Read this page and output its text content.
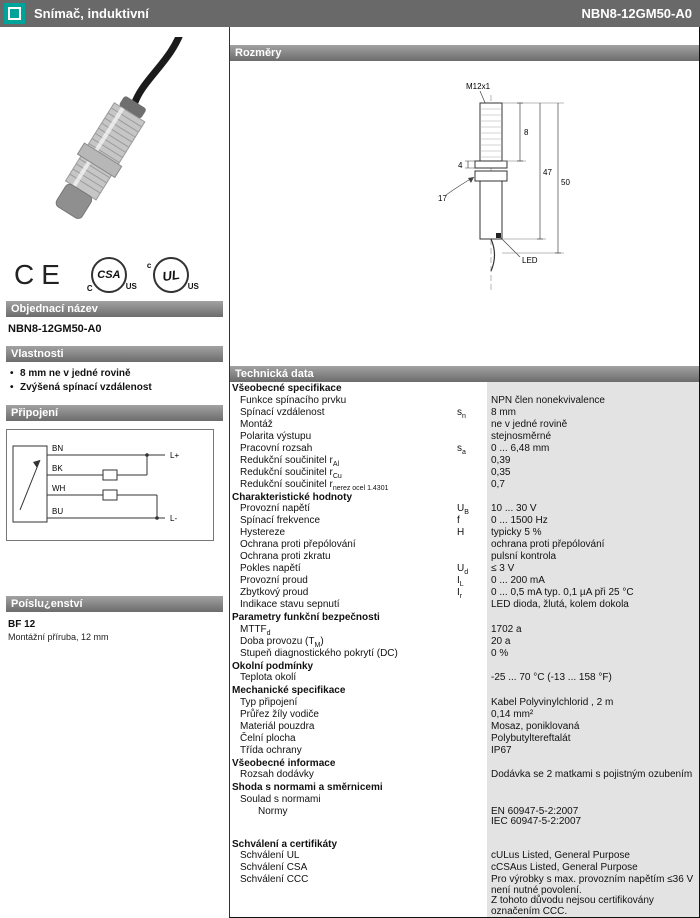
Snímač, induktivní	NBN8-12GM50-A0
CE	CSA
C	US
UL
c
US
Objednací název
NBN8-12GM50-A0
Vlastnosti
• 8 mm ne v jedné rovině
• Zvýšená spínací vzdálenost
Připojení
BN
BK
WH
BU
L+
L-
Poíslu¿enství
BF 12
Montážní příruba, 12 mm
Rozměry
M12x1
LED
8
47
50
4
17
Technická data
Všeobecné specifikace
Funkce spínacího prvku	NPN člen nonekvivalence
Spínací vzdálenost	$s_n$	8 mm
Montáž	ne v jedné rovině
Polarita výstupu	stejnosměrné
Pracovní rozsah	$s_a$	0 ... 6,48 mm
Redukční součinitel $r_{Al}$	0,39
Redukční součinitel $r_{Cu}$	0,35
Redukční součinitel $r_{nerez ocel 1.4301}$	0,7
Charakteristické hodnoty
Provozní napětí	$U_B$	10 ... 30 V
Spínací frekvence	f	0 ... 1500 Hz
Hystereze	H	typicky 5 %
Ochrana proti přepólování	ochrana proti přepólování
Ochrana proti zkratu	pulsní kontrola
Pokles napětí	$U_d$	≤ 3 V
Provozní proud	$I_L$	0 ... 200 mA
Zbytkový proud	$I_r$	0 ... 0,5 mA typ. 0,1 µA při 25 °C
Indikace stavu sepnutí	LED dioda, žlutá, kolem dokola
Parametry funkční bezpečnosti
$MTTF_d$	1702 a
Doba provozu $(T_M)$	20 a
Stupeň diagnostického pokrytí (DC)	0 %
Okolní podmínky
Teplota okolí	-25 ... 70 °C (-13 ... 158 °F)
Mechanické specifikace
Typ připojení	Kabel Polyvinylchlorid , 2 m
Průřez žíly vodiče	0,14 mm²
Materiál pouzdra	Mosaz, poniklovaná
Čelní plocha	Polybutyltereftalát
Třída ochrany	IP67
Všeobecné informace
Rozsah dodávky	Dodávka se 2 matkami s pojistným ozubením
Shoda s normami a směrnicemi
Soulad s normami
Normy	EN 60947-5-2:2007
IEC 60947-5-2:2007
Schválení a certifikáty
Schválení UL	cULus Listed, General Purpose
Schválení CSA	cCSAus Listed, General Purpose
Schválení CCC	Pro výrobky s max. provozním napětím ≤36 V není nutné povolení.
Z tohoto důvodu nejsou certifikovány označením CCC.
